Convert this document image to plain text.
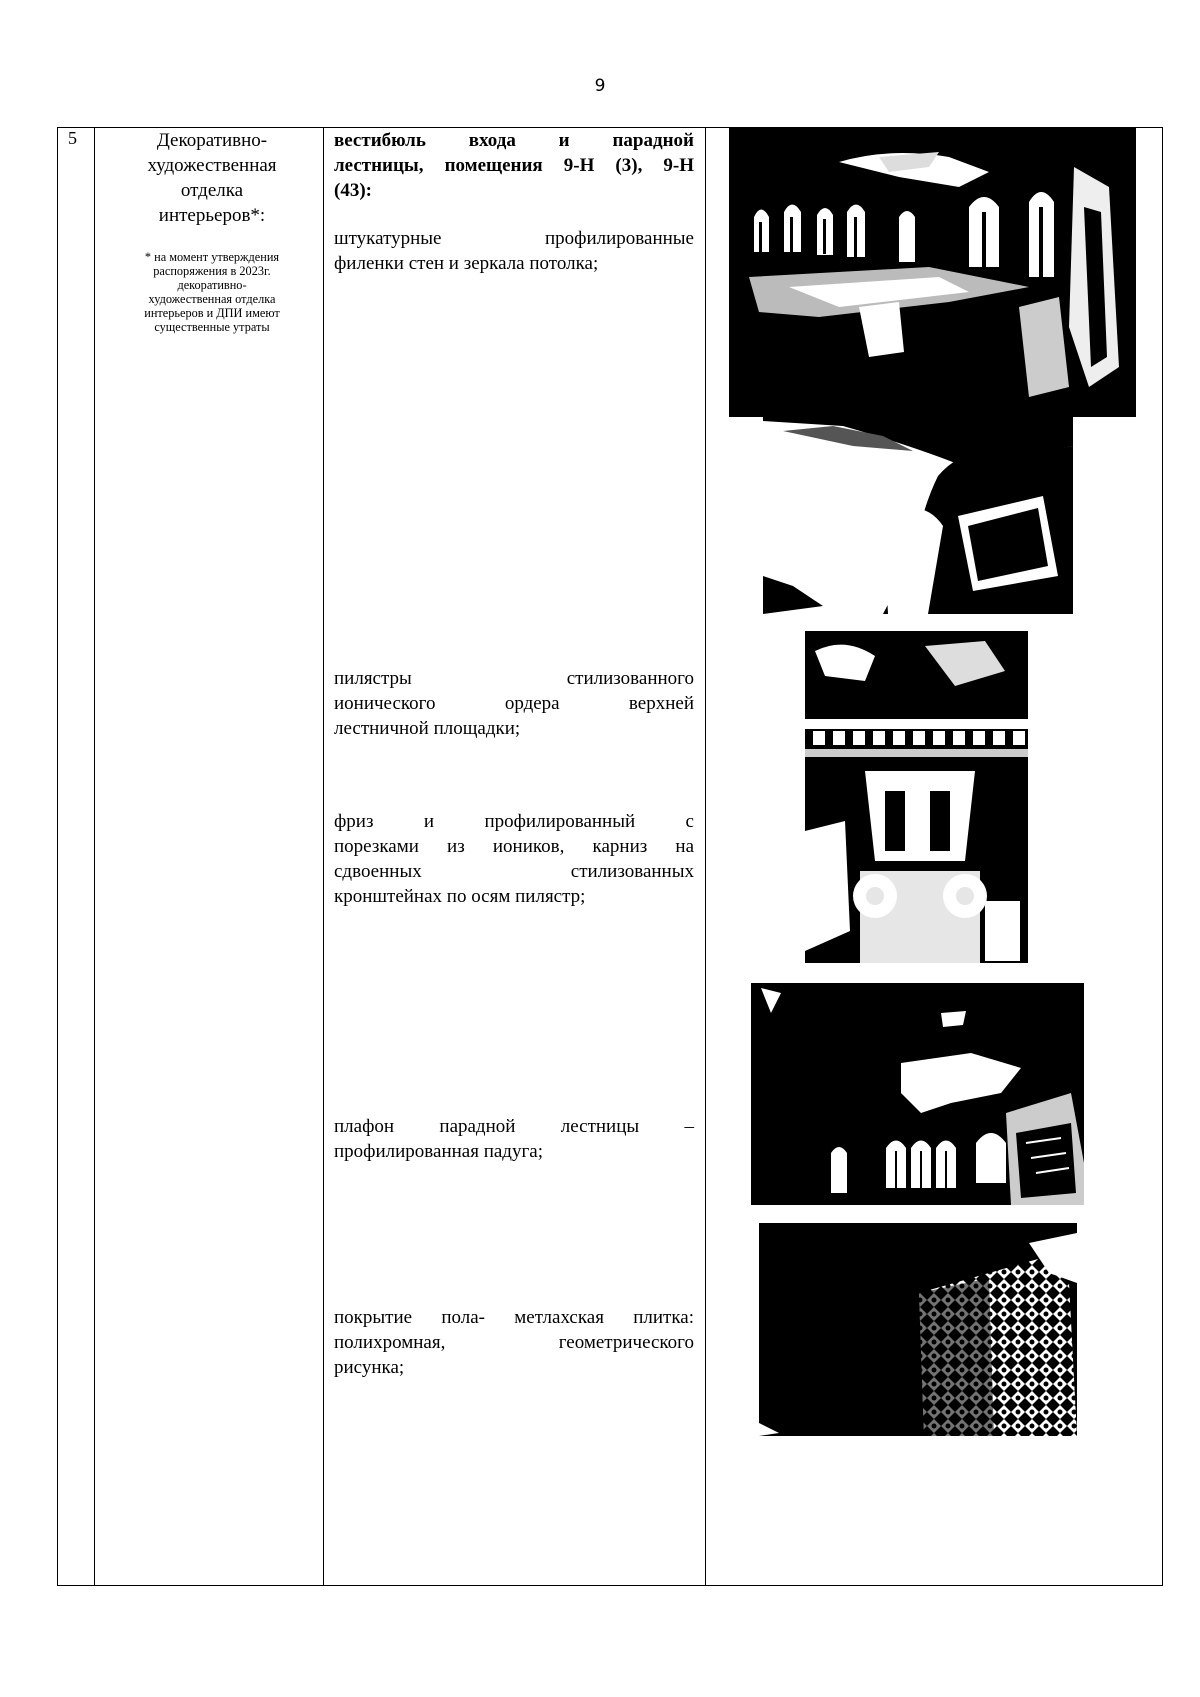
9
5	Декоративно-
художественная
отделка
интерьеров*:
* на момент утверждения
распоряжения в 2023г.
декоративно-
художественная отделка
интерьеров и ДПИ имеют
существенные утраты
вестибюль входа и парадной
лестницы, помещения 9-Н (3), 9-Н
(43):
штукатурные профилированные
филенки стен и зеркала потолка;
пилястры стилизованного
ионического ордера верхней
лестничной площадки;
фриз и профилированный с
порезками из иоников, карниз на
сдвоенных стилизованных
кронштейнах по осям пилястр;
плафон парадной лестницы –
профилированная падуга;
покрытие пола- метлахская плитка:
полихромная, геометрического
рисунка;
